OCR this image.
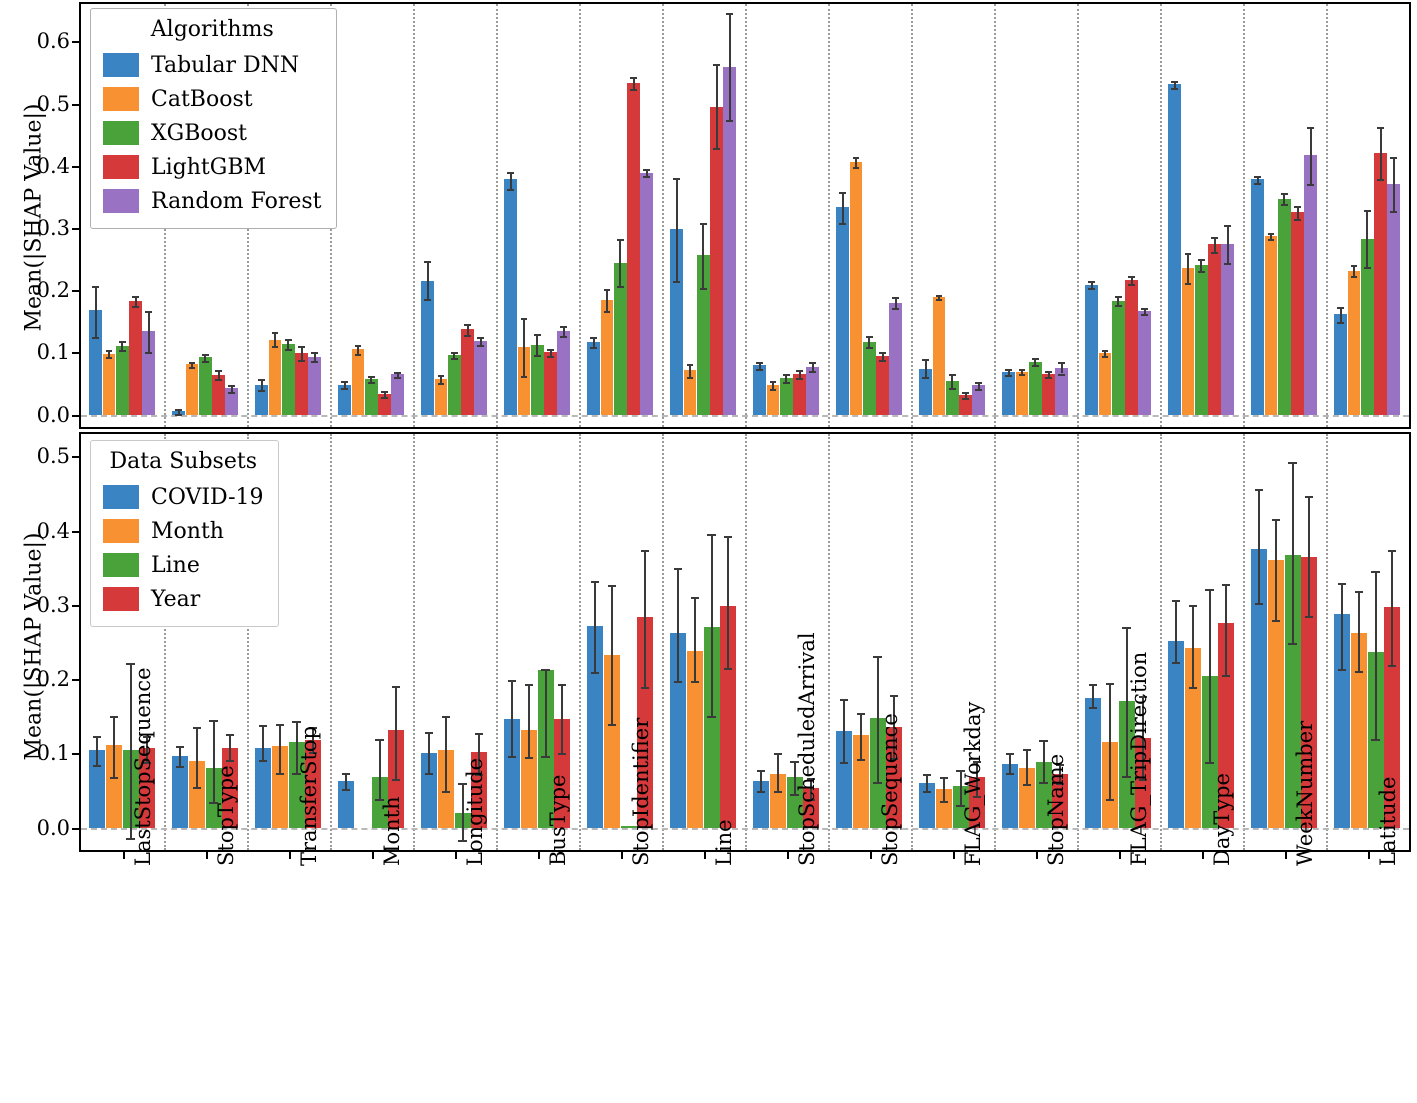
Mean(|SHAP Value|)
Mean(|SHAP Value|)
0.0
0.1
0.2
0.3
0.4
0.5
0.6	Algorithms
Tabular DNN
CatBoost
XGBoost
LightGBM
Random Forest
0.0
0.1
0.2
0.3
0.4
0.5	Data Subsets
COVID-19
Month
Line
Year
LastStopSequence	StopType	TransferStop	Month	Longitude	BusType	StopIdentifier	Line	StopScheduledArrival	StopSequence	FLAG_Workday	StopName	FLAG_TripDirection	DayType	WeekNumber	Latitude
